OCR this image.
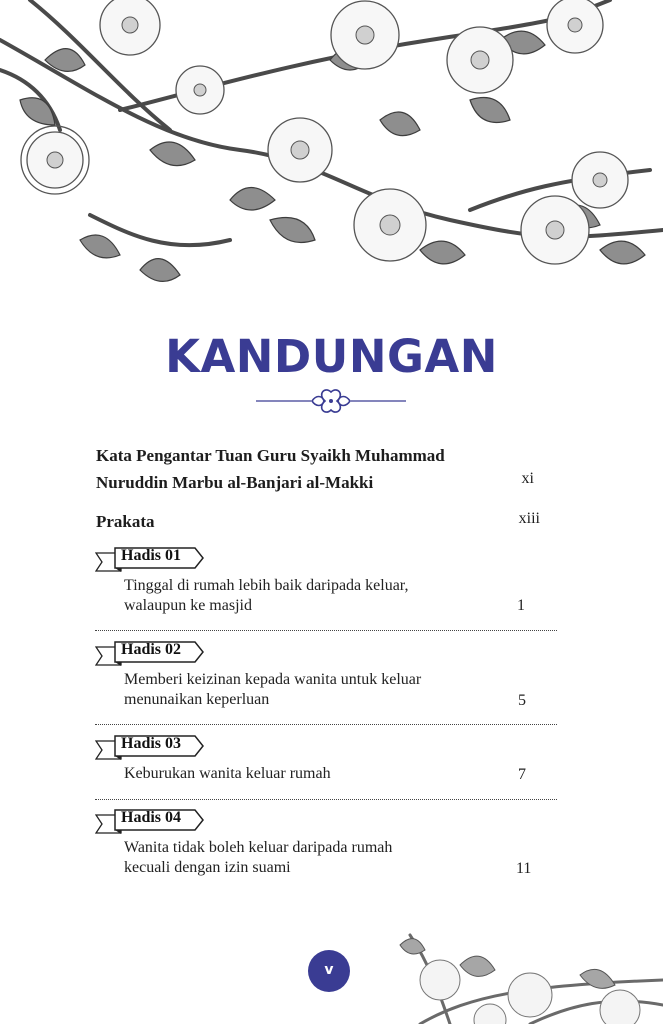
KANDUNGAN
Kata Pengantar Tuan Guru Syaikh Muhammad
Nuruddin Marbu al-Banjari al-Makki	xi
Prakata	xiii
Hadis 01
Tinggal di rumah lebih baik daripada keluar,
walaupun ke masjid	1
Hadis 02
Memberi keizinan kepada wanita untuk keluar
menunaikan keperluan	5
Hadis 03
Keburukan wanita keluar rumah	7
Hadis 04
Wanita tidak boleh keluar daripada rumah
kecuali dengan izin suami	11
v
